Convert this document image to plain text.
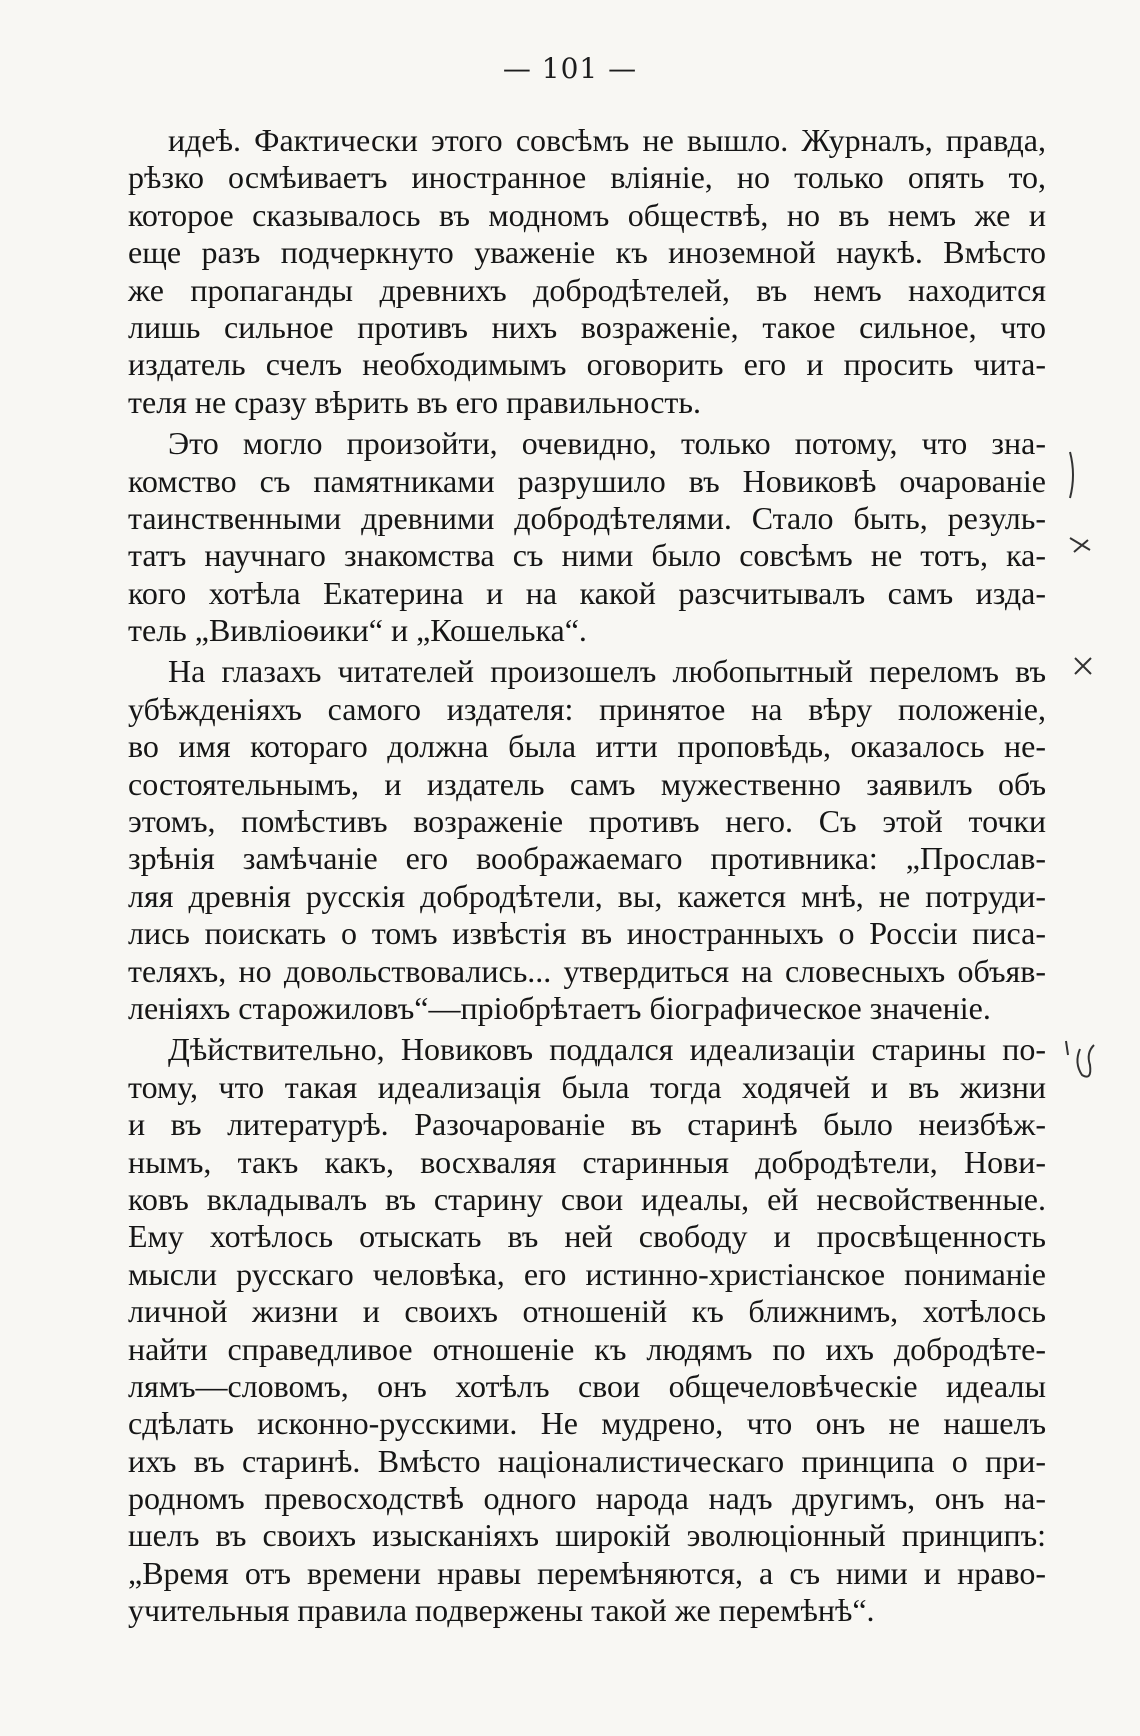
— 101 —
идеѣ. Фактически этого совсѣмъ не вышло. Журналъ, правда,
рѣзко осмѣиваетъ иностранное вліяніе, но только опять то,
которое сказывалось въ модномъ обществѣ, но въ немъ же и
еще разъ подчеркнуто уваженіе къ иноземной наукѣ. Вмѣсто
же пропаганды древнихъ добродѣтелей, въ немъ находится
лишь сильное противъ нихъ возраженіе, такое сильное, что
издатель счелъ необходимымъ оговорить его и просить чита-
теля не сразу вѣрить въ его правильность.
Это могло произойти, очевидно, только потому, что зна-
комство съ памятниками разрушило въ Новиковѣ очарованіе
таинственными древними добродѣтелями. Стало быть, резуль-
татъ научнаго знакомства съ ними было совсѣмъ не тотъ, ка-
кого хотѣла Екатерина и на какой разсчитывалъ самъ изда-
тель „Вивліоѳики“ и „Кошелька“.
На глазахъ читателей произошелъ любопытный переломъ въ
убѣжденіяхъ самого издателя: принятое на вѣру положеніе,
во имя котораго должна была итти проповѣдь, оказалось не-
состоятельнымъ, и издатель самъ мужественно заявилъ объ
этомъ, помѣстивъ возраженіе противъ него. Съ этой точки
зрѣнія замѣчаніе его воображаемаго противника: „Прослав-
ляя древнія русскія добродѣтели, вы, кажется мнѣ, не потруди-
лись поискать о томъ извѣстія въ иностранныхъ о Россіи писа-
теляхъ, но довольствовались... утвердиться на словесныхъ объяв-
леніяхъ старожиловъ“—пріобрѣтаетъ біографическое значеніе.
Дѣйствительно, Новиковъ поддался идеализаціи старины по-
тому, что такая идеализація была тогда ходячей и въ жизни
и въ литературѣ. Разочарованіе въ старинѣ было неизбѣж-
нымъ, такъ какъ, восхваляя старинныя добродѣтели, Нови-
ковъ вкладывалъ въ старину свои идеалы, ей несвойственные.
Ему хотѣлось отыскать въ ней свободу и просвѣщенность
мысли русскаго человѣка, его истинно-христіанское пониманіе
личной жизни и своихъ отношеній къ ближнимъ, хотѣлось
найти справедливое отношеніе къ людямъ по ихъ добродѣте-
лямъ—словомъ, онъ хотѣлъ свои общечеловѣческіе идеалы
сдѣлать исконно-русскими. Не мудрено, что онъ не нашелъ
ихъ въ старинѣ. Вмѣсто націоналистическаго принципа о при-
родномъ превосходствѣ одного народа надъ другимъ, онъ на-
шелъ въ своихъ изысканіяхъ широкій эволюціонный принципъ:
„Время отъ времени нравы перемѣняются, а съ ними и нраво-
учительныя правила подвержены такой же перемѣнѣ“.
